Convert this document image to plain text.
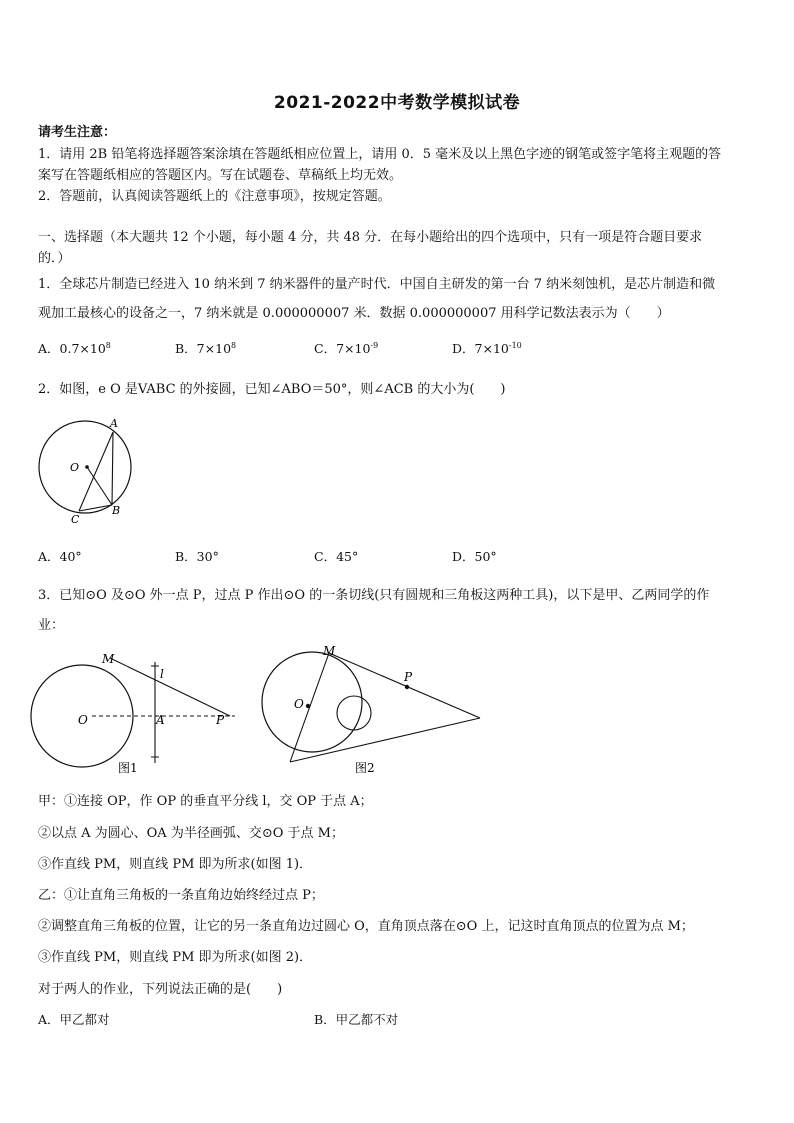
2021-2022中考数学模拟试卷
请考生注意：
1．请用 2B 铅笔将选择题答案涂填在答题纸相应位置上，请用 0．5 毫米及以上黑色字迹的钢笔或签字笔将主观题的答
案写在答题纸相应的答题区内。写在试题卷、草稿纸上均无效。
2．答题前，认真阅读答题纸上的《注意事项》，按规定答题。
一、选择题（本大题共 12 个小题，每小题 4 分，共 48 分．在每小题给出的四个选项中，只有一项是符合题目要求
的．）
1．全球芯片制造已经进入 10 纳米到 7 纳米器件的量产时代．中国自主研发的第一台 7 纳米刻蚀机，是芯片制造和微
观加工最核心的设备之一，7 纳米就是 0.000000007 米．数据 0.000000007 用科学记数法表示为（　　）
A．$0.7\times 10^8$	B．$7\times 10^8$	C．$7\times 10^{-9}$	D．$7\times 10^{-10}$
2．如图，e O 是VABC 的外接圆，已知∠ABO＝50°，则∠ACB 的大小为(　　)
A
O
C
B
A．40°	B．30°	C．45°	D．50°
3．已知⊙O 及⊙O 外一点 P，过点 P 作出⊙O 的一条切线(只有圆规和三角板这两种工具)，以下是甲、乙两同学的作
业：
M
l
O	A	P
图1
M
P
O
图2
甲：①连接 OP，作 OP 的垂直平分线 l，交 OP 于点 A；
②以点 A 为圆心、OA 为半径画弧、交⊙O 于点 M；
③作直线 PM，则直线 PM 即为所求(如图 1)．
乙：①让直角三角板的一条直角边始终经过点 P；
②调整直角三角板的位置，让它的另一条直角边过圆心 O，直角顶点落在⊙O 上，记这时直角顶点的位置为点 M；
③作直线 PM，则直线 PM 即为所求(如图 2)．
对于两人的作业，下列说法正确的是(　　)
A．甲乙都对	B．甲乙都不对
